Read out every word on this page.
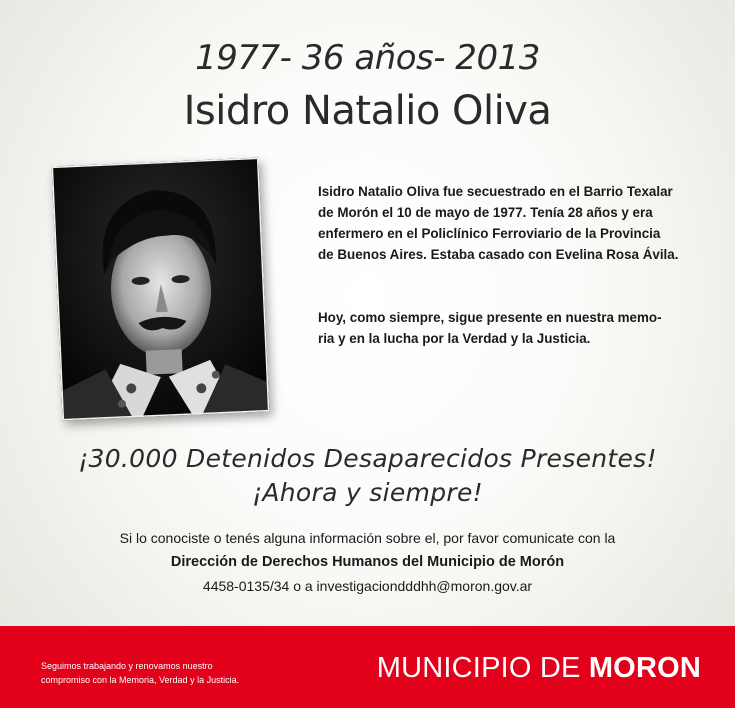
1977- 36 años- 2013
Isidro Natalio Oliva

Isidro Natalio Oliva fue secuestrado en el Barrio Texalar
de Morón el 10 de mayo de 1977. Tenía 28 años y era
enfermero en el Policlínico Ferroviario de la Provincia
de Buenos Aires. Estaba casado con Evelina Rosa Ávila.

Hoy, como siempre, sigue presente en nuestra memo-
ria y en la lucha por la Verdad y la Justicia.

¡30.000 Detenidos Desaparecidos Presentes!
¡Ahora y siempre!
Si lo conociste o tenés alguna información sobre el, por favor comunicate con la
Dirección de Derechos Humanos del Municipio de Morón
4458-0135/34 o a investigaciondddhh@moron.gov.ar
Seguimos trabajando y renovamos nuestro
compromiso con la Memoria, Verdad y la Justicia.	MUNICIPIO DE MORON
